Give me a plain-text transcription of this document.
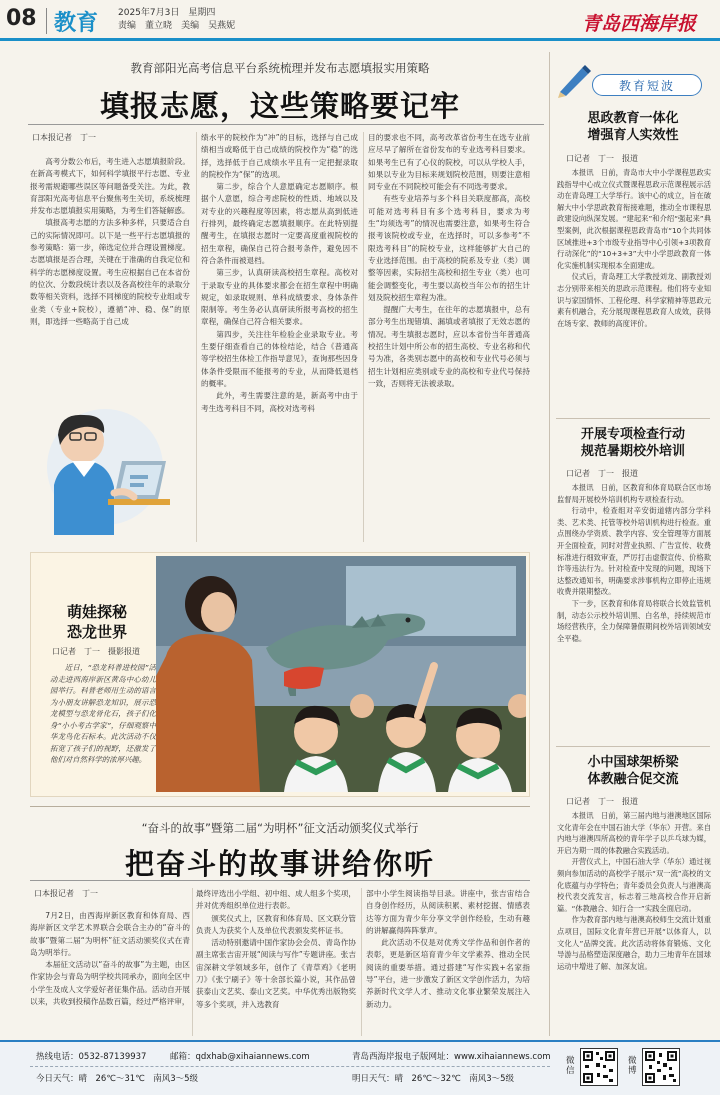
08 教育 2025年7月3日　 星期四
责编　 董立晓　 美编　 吴燕妮	青岛西海岸报
教育部阳光高考信息平台系统梳理并发布志愿填报实用策略
填报志愿，这些策略要记牢
口本报记者　丁一

高考分数公布后，考生进入志愿填报阶段。在新高考模式下，如何科学填报平行志愿、专业报考需规避哪些误区等问题备受关注。为此，教育部阳光高考信息平台聚焦考生关切，系统梳理并发布志愿填报实用策略，为考生们答疑解惑。

填报高考志愿的方法多种多样，只要适合自己的实际情况即可。以下是一些平行志愿填报的参考策略：第一步，筛选定位并合理设置梯度。志愿填报是否合理，关键在于准确的自我定位和科学的志愿梯度设置。考生应根据自己在本省份的位次、分数段统计表以及各高校往年的录取分数等相关资料，选择不同梯度的院校专业组或专业类（专业+院校），遵循“冲、稳、保”的原则，即选择一些略高于自己成

绩水平的院校作为“冲”的目标，选择与自己成绩相当或略低于自己成绩的院校作为“稳”的选择，选择低于自己成绩水平且有一定把握录取的院校作为“保”的选项。

第二步，综合个人意愿确定志愿顺序。根据个人意愿，综合考虑院校的性质、地域以及对专业的兴趣程度等因素，将志愿从高到低进行排列，最终确定志愿填报顺序。在此特别提醒考生，在填报志愿时一定要高度重视院校的招生章程，确保自己符合报考条件，避免因不符合条件而被退档。

第三步，认真研读高校招生章程。高校对于录取专业的具体要求都会在招生章程中明确规定，如录取规则、单科成绩要求、身体条件限制等。考生务必认真研读所报考高校的招生章程，确保自己符合相关要求。

第四步，关注往年检验企业录取专业。考生要仔细查看自己的体检结论，结合《普通高等学校招生体检工作指导意见》，查询那些因身体条件受限而不能报考的专业，从而降低退档的概率。

此外，考生需要注意的是，新高考中由于考生选考科目不同，高校对选考科

目的要求也不同，高考改革省份考生在选专业前应尽早了解所在省份发布的专业选考科目要求。如果考生已有了心仪的院校，可以从学校人手，如果以专业为目标来规划院校范围，则要注意相同专业在不同院校可能会有不同选考要求。

有些专业培养与多个科目关联度都高，高校可能对选考科目有多个选考科目，要求为考生“均须选考”的情况也需要注意，如果考生符合报考该院校或专业，在选择时，可以多参考“不限选考科目”的院校专业，这样能够扩大自己的专业选择范围。由于高校的院系及专业（类）调整等因素，实际招生高校和招生专业（类）也可能会调整变化，考生要以高校当年公布的招生计划及院校招生章程为准。

提醒广大考生，在往年的志愿填报中，总有部分考生出现错填、漏填或者填报了无效志愿的情况。考生填报志愿时，应以本省份当年普通高校招生计划中所公布的招生高校、专业名称和代号为准，各类别志愿中的高校和专业代号必须与招生计划相应类别或专业的高校和专业代号保持一致，否则将无法被录取。

萌娃探秘
恐龙世界
口记者　丁一　摄影报道
近日，“恐龙科普进校园”活动走进西海岸新区黄岛中心幼儿园举行。科普老师用生动的语言为小朋友讲解恐龙知识，展示恐龙模型与恐龙骨化石，孩子们化身“小小考古学家”，仔细观察中华龙鸟化石标本。此次活动不仅拓宽了孩子们的视野，还激发了他们对自然科学的浓厚兴趣。
“奋斗的故事”暨第二届“为明杯”征文活动颁奖仪式举行
把奋斗的故事讲给你听
口本报记者　丁一

7月2日，由西海岸新区教育和体育局、西海岸新区文学艺术界联合会联合主办的“奋斗的故事”暨第二届“为明杯”征文活动颁奖仪式在青岛为明举行。

本届征文活动以“奋斗的故事”为主题，由区作家协会与青岛为明学校共同承办，面向全区中小学生及成人文学爱好者征集作品。活动自开展以来，共收到投稿作品数百篇，经过严格评审，

最终评选出小学组、初中组、成人组多个奖项，并对优秀组织单位进行表彰。

颁奖仪式上，区教育和体育局、区文联分管负责人为获奖个人及单位代表颁发奖杯证书。

活动特别邀请中国作家协会会员、青岛作协副主席张吉宙开展“阅读与写作”专题讲座。张吉宙深耕文学领域多年，创作了《青草鸡》《老明刀》《张宁刷子》等十余部长篇小说，其作品曾获泰山文艺奖、泰山文艺奖。中华优秀出版物奖等多个奖项，并入选教育

部中小学生阅读指导目录。讲座中，张吉宙结合自身创作经历，从阅读积累、素材挖掘、情感表达等方面为青少年分享文学创作经验，生动有趣的讲解赢得阵阵掌声。

此次活动不仅是对优秀文学作品和创作者的表彰，更是新区培育青少年文学素养、推动全民阅读的重要举措。通过搭建“写作实践+名家指导”平台，进一步激发了新区文学创作活力，为培养新时代文学人才、推动文化事业繁荣发展注入新动力。

教育短波
思政教育一体化
增强育人实效性
口记者　丁一　报道

本报讯　日前，青岛市大中小学课程思政实践指导中心成立仪式暨课程思政示范课程展示活动在青岛理工大学举行。该中心的成立，旨在破解大中小学思政教育衔接难题，推动全市课程思政建设向纵深发展。“建起来”和介绍“强起来”典型案例，此次根据课程思政青岛市“10个共同体区域推进+3个市级专业指导中心引领+3项教育行动深化”的“10+3+3”大中小学思政教育一体化实施机制实现根本全面建成。

仪式后，青岛理工大学教授刘龙、副教授刘志分别带来相关的思政示范课程。他们将专业知识与家国情怀、工程伦理、科学家精神等思政元素有机融合，充分展现课程思政育人成效，获得在场专家、教师的高度评价。

开展专项检查行动
规范暑期校外培训
口记者　丁一　报道

本报讯　日前，区教育和体育局联合区市场监督局开展校外培训机构专项检查行动。

行动中，检查组对辛安街道辖内部分学科类、艺术类、托管等校外培训机构进行检查。重点围绕办学资质、教学内容、安全管理等方面展开全面检查，同时对营业执照、广告宣传、收费标准进行细致审查，严厉打击虚假宣传、价格欺诈等违法行为。针对检查中发现的问题，现场下达整改通知书，明确要求涉事机构立即停止违规收费并限期整改。

下一步，区教育和体育局将联合长效监管机制，动态公示校外培训黑、白名单，持续规范市场经营秩序，全力保障暑假期间校外培训领域安全平稳。

小中国球架桥梁
体教融合促交流
口记者　丁一　报道

本报讯　日前，第三届内地与港澳地区国际文化青年会在中国石油大学（华东）开营。来自内地与港澳四所高校的青年学子以乒乓球为媒，开启为期一周的体教融合实践活动。

开营仪式上，中国石油大学（华东）通过视频向参加活动的高校学子展示“双一流”高校的文化底蕴与办学特色；青年委员会负责人与港澳高校代表交流发言，标志着三地高校合作开启新篇。“体教融合、知行合一”实践全面启动。

作为教育部内地与港澳高校师生交流计划重点项目，国际文化青年营已开展“以体育人，以文化人”品牌交流。此次活动将体育锻炼、文化导游与品格塑造深度融合，助力三地青年在国球运动中增进了解、加深友谊。

热线电话：0532-87139937	邮箱：qdxhab@xihaiannews.com	青岛西海岸报电子版网址：www.xihaiannews.com
今日天气：晴　26℃～31℃　南风3～5级	明日天气：晴　26℃～32℃　南风3～5级
微信
微博
